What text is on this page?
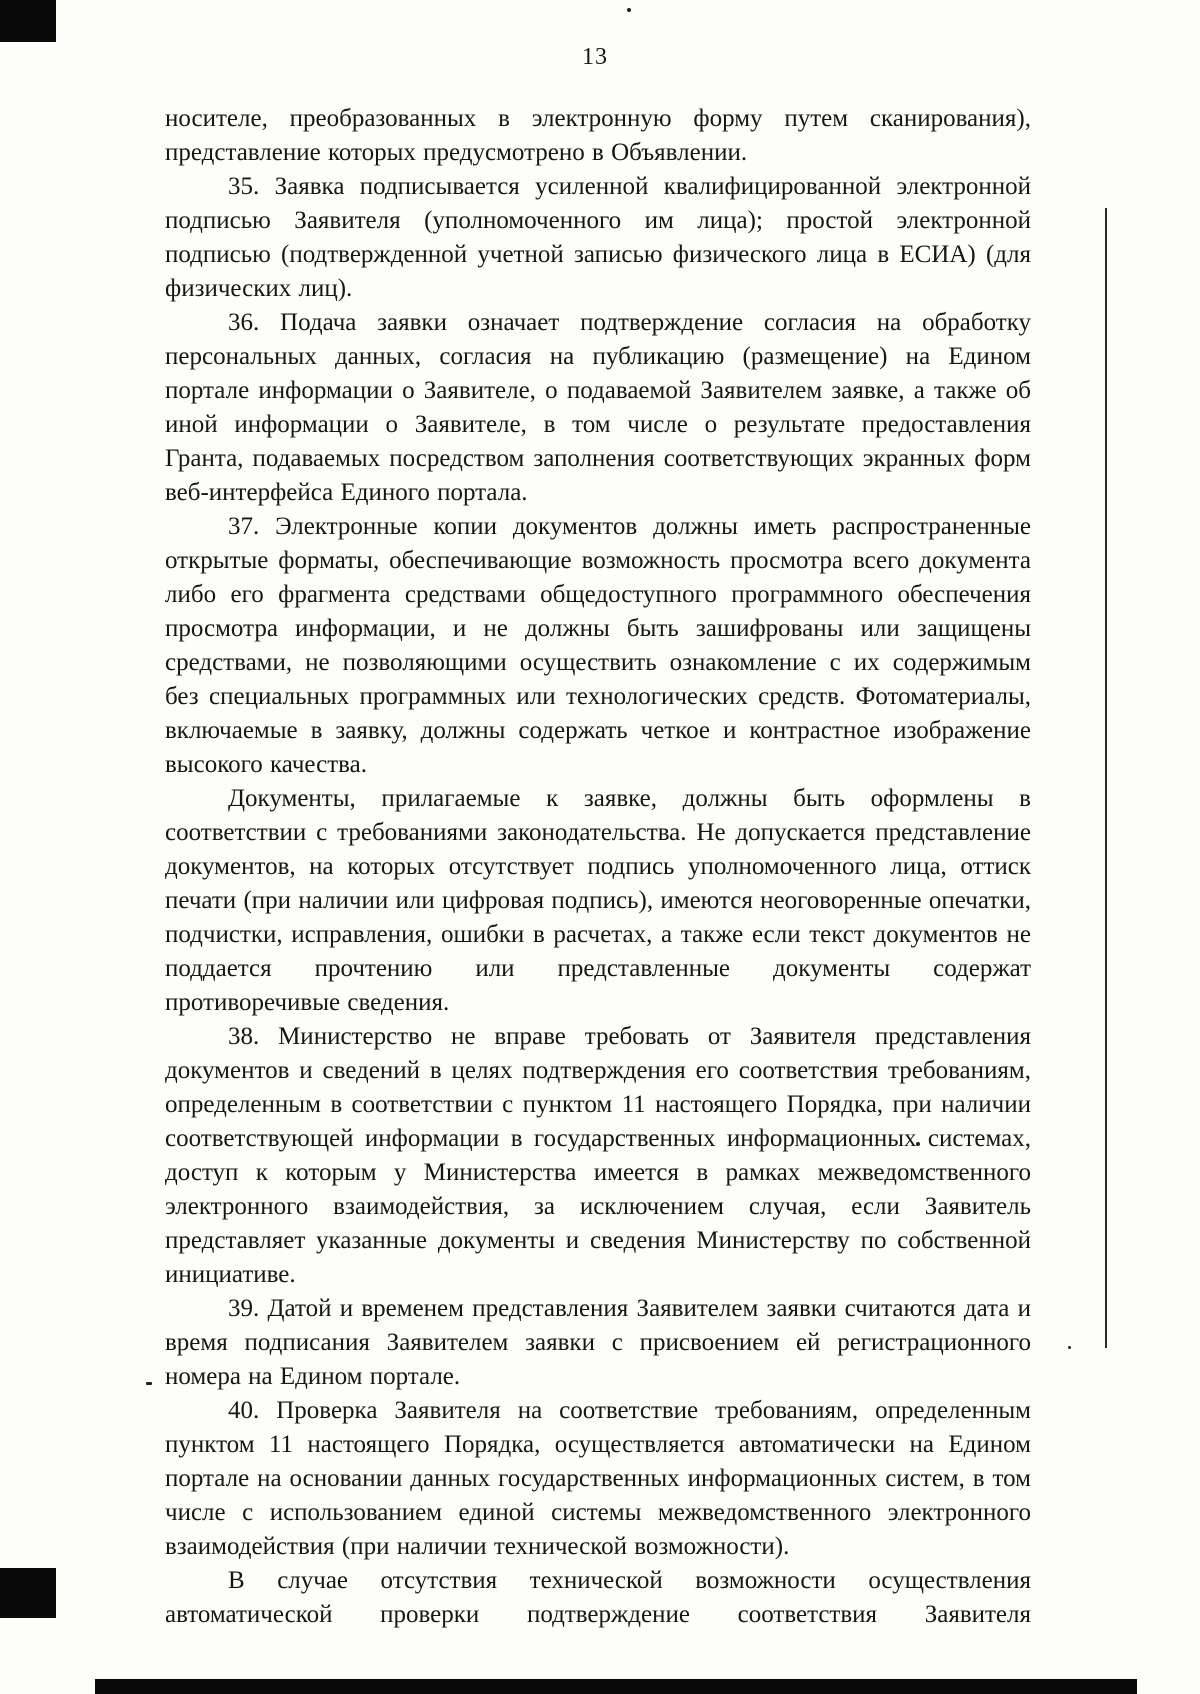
13

носителе, преобразованных в электронную форму путем сканирования), представление которых предусмотрено в Объявлении.

35. Заявка подписывается усиленной квалифицированной электронной подписью Заявителя (уполномоченного им лица); простой электронной подписью (подтвержденной учетной записью физического лица в ЕСИА) (для физических лиц).

36. Подача заявки означает подтверждение согласия на обработку персональных данных, согласия на публикацию (размещение) на Едином портале информации о Заявителе, о подаваемой Заявителем заявке, а также об иной информации о Заявителе, в том числе о результате предоставления Гранта, подаваемых посредством заполнения соответствующих экранных форм веб-интерфейса Единого портала.

37. Электронные копии документов должны иметь распространенные открытые форматы, обеспечивающие возможность просмотра всего документа либо его фрагмента средствами общедоступного программного обеспечения просмотра информации, и не должны быть зашифрованы или защищены средствами, не позволяющими осуществить ознакомление с их содержимым без специальных программных или технологических средств. Фотоматериалы, включаемые в заявку, должны содержать четкое и контрастное изображение высокого качества.

Документы, прилагаемые к заявке, должны быть оформлены в соответствии с требованиями законодательства. Не допускается представление документов, на которых отсутствует подпись уполномоченного лица, оттиск печати (при наличии или цифровая подпись), имеются неоговоренные опечатки, подчистки, исправления, ошибки в расчетах, а также если текст документов не поддается прочтению или представленные документы содержат противоречивые сведения.

38. Министерство не вправе требовать от Заявителя представления документов и сведений в целях подтверждения его соответствия требованиям, определенным в соответствии с пунктом 11 настоящего Порядка, при наличии соответствующей информации в государственных информационных системах, доступ к которым у Министерства имеется в рамках межведомственного электронного взаимодействия, за исключением случая, если Заявитель представляет указанные документы и сведения Министерству по собственной инициативе.

39. Датой и временем представления Заявителем заявки считаются дата и время подписания Заявителем заявки с присвоением ей регистрационного номера на Едином портале.

40. Проверка Заявителя на соответствие требованиям, определенным пунктом 11 настоящего Порядка, осуществляется автоматически на Едином портале на основании данных государственных информационных систем, в том числе с использованием единой системы межведомственного электронного взаимодействия (при наличии технической возможности).

В случае отсутствия технической возможности осуществления автоматической проверки подтверждение соответствия Заявителя
